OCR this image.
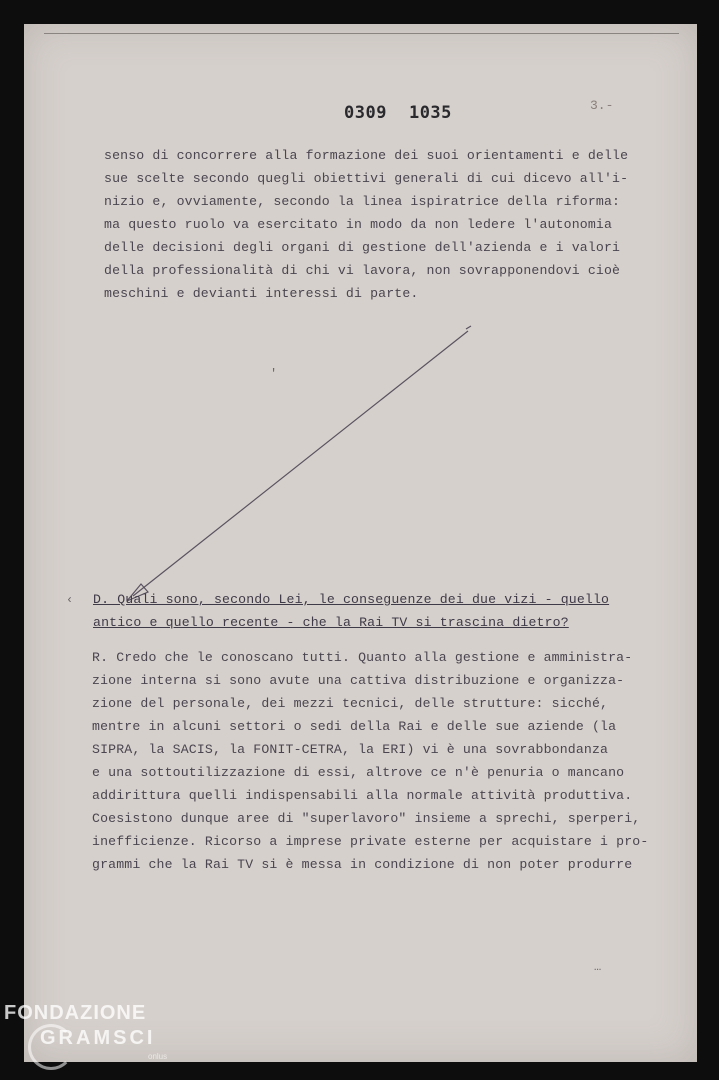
0309 1035	3.-

senso di concorrere alla formazione dei suoi orientamenti e delle
sue scelte secondo quegli obiettivi generali di cui dicevo all'i-
nizio e, ovviamente, secondo la linea ispiratrice della riforma:
ma questo ruolo va esercitato in modo da non ledere l'autonomia
delle decisioni degli organi di gestione dell'azienda e i valori
della professionalità di chi vi lavora, non sovrapponendovi cioè
meschini e devianti interessi di parte.

'

‹ D. Quali sono, secondo Lei, le conseguenze dei due vizi - quello
antico e quello recente - che la Rai TV si trascina dietro?

R. Credo che le conoscano tutti. Quanto alla gestione e amministra-
zione interna si sono avute una cattiva distribuzione e organizza-
zione del personale, dei mezzi tecnici, delle strutture: sicché,
mentre in alcuni settori o sedi della Rai e delle sue aziende (la
SIPRA, la SACIS, la FONIT-CETRA, la ERI) vi è una sovrabbondanza
e una sottoutilizzazione di essi, altrove ce n'è penuria o mancano
addirittura quelli indispensabili alla normale attività produttiva.
Coesistono dunque aree di "superlavoro" insieme a sprechi, sperperi,
inefficienze. Ricorso a imprese private esterne per acquistare i pro-
grammi che la Rai TV si è messa in condizione di non poter produrre

…

FONDAZIONE
GRAMSCI

onlus
